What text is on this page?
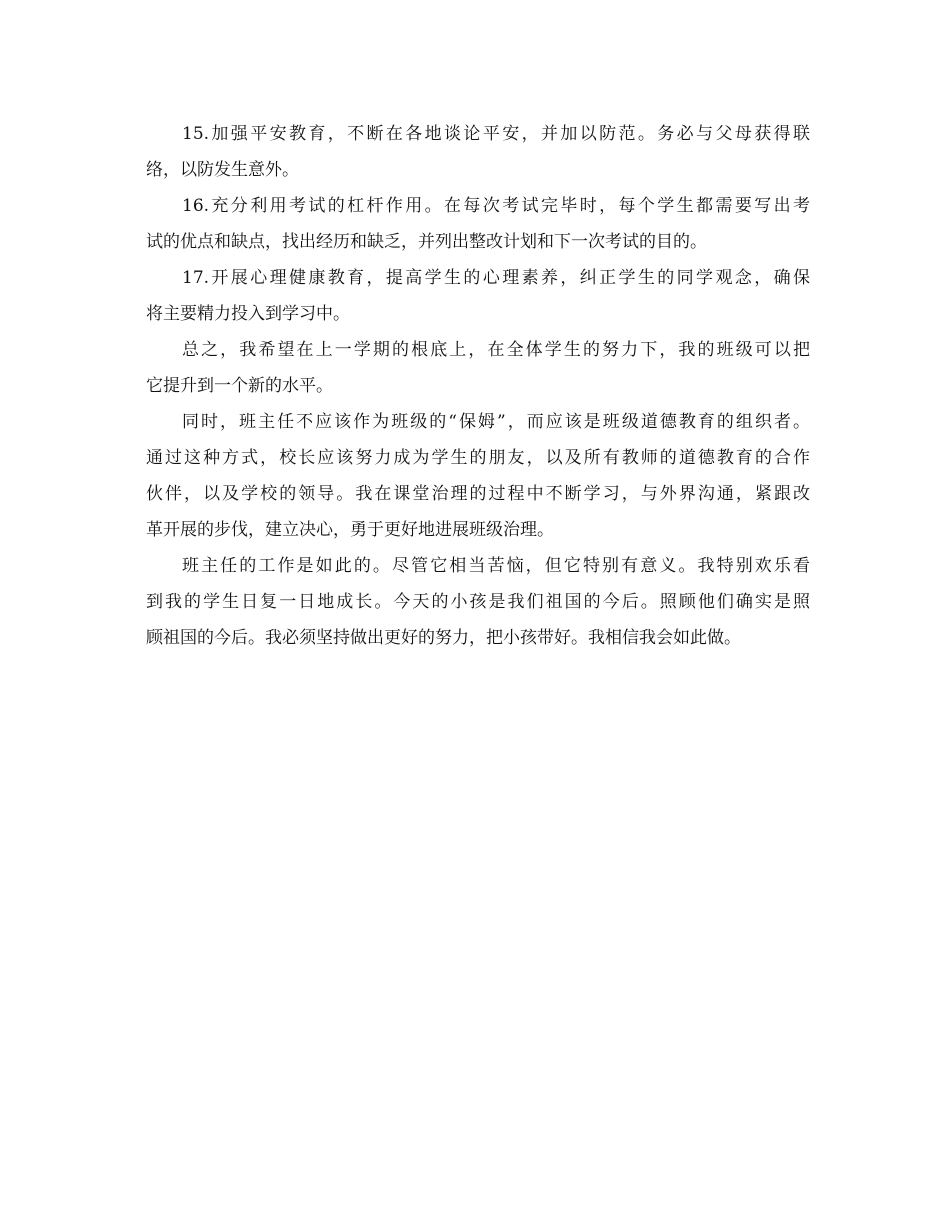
15.加强平安教育，不断在各地谈论平安，并加以防范。务必与父母获得联
络，以防发生意外。
16.充分利用考试的杠杆作用。在每次考试完毕时，每个学生都需要写出考
试的优点和缺点，找出经历和缺乏，并列出整改计划和下一次考试的目的。
17.开展心理健康教育，提高学生的心理素养，纠正学生的同学观念，确保
将主要精力投入到学习中。
总之，我希望在上一学期的根底上，在全体学生的努力下，我的班级可以把
它提升到一个新的水平。
同时，班主任不应该作为班级的“保姆”，而应该是班级道德教育的组织者。
通过这种方式，校长应该努力成为学生的朋友，以及所有教师的道德教育的合作
伙伴，以及学校的领导。我在课堂治理的过程中不断学习，与外界沟通，紧跟改
革开展的步伐，建立决心，勇于更好地进展班级治理。
班主任的工作是如此的。尽管它相当苦恼，但它特别有意义。我特别欢乐看
到我的学生日复一日地成长。今天的小孩是我们祖国的今后。照顾他们确实是照
顾祖国的今后。我必须坚持做出更好的努力，把小孩带好。我相信我会如此做。
